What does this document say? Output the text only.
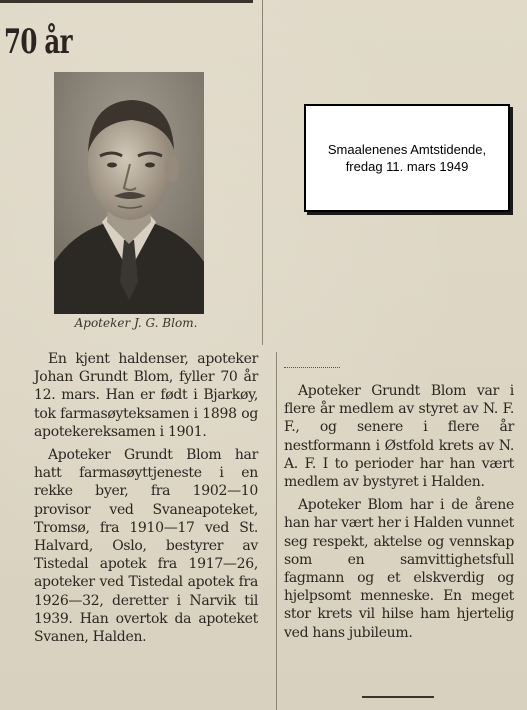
70 år
Apoteker J. G. Blom.
Smaalenenes Amtstidende,
fredag 11. mars 1949

En kjent haldenser, apoteker Johan Grundt Blom, fyller 70 år 12. mars. Han er født i Bjarkøy, tok farmasøyteksamen i 1898 og apotekereksamen i 1901.

Apoteker Grundt Blom har hatt farmasøyttjeneste i en rekke byer, fra 1902—10 provisor ved Svaneapoteket, Tromsø, fra 1910—17 ved St. Halvard, Oslo, bestyrer av Tistedal apotek fra 1917—26, apoteker ved Tistedal apotek fra 1926—32, deretter i Narvik til 1939. Han overtok da apoteket Svanen, Halden.

Apoteker Grundt Blom var i flere år medlem av styret av N. F. F., og senere i flere år nestformann i Østfold krets av N. A. F. I to perioder har han vært medlem av bystyret i Halden.

Apoteker Blom har i de årene han har vært her i Halden vunnet seg respekt, aktelse og vennskap som en samvittighetsfull fagmann og et elskverdig og hjelpsomt menneske. En meget stor krets vil hilse ham hjertelig ved hans jubileum.
